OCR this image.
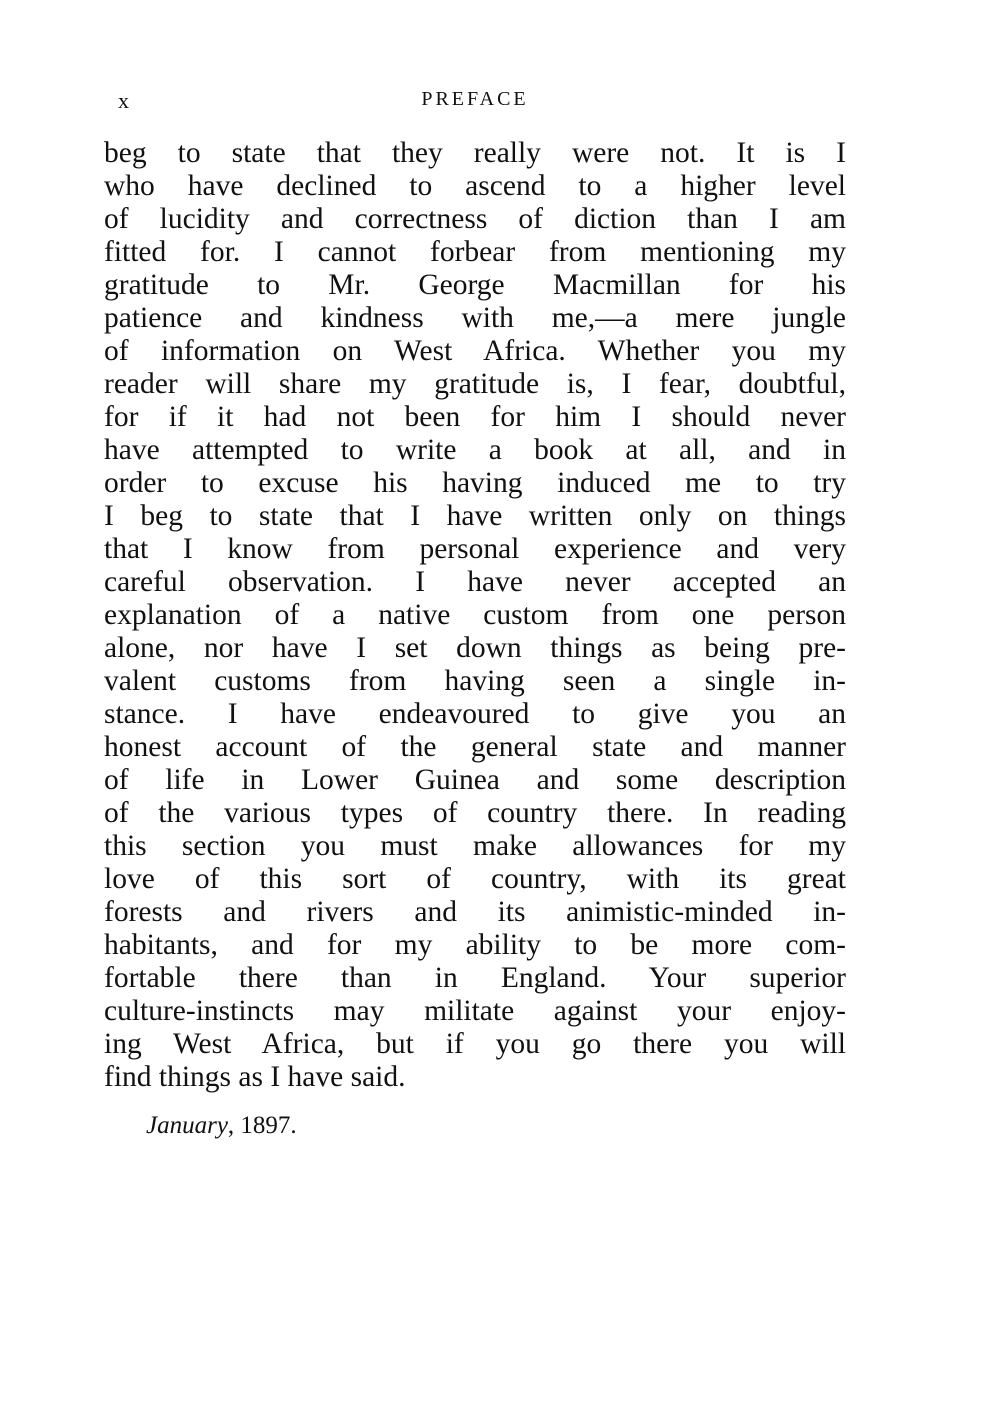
x	PREFACE
beg to state that they really were not. It is I
who have declined to ascend to a higher level
of lucidity and correctness of diction than I am
fitted for. I cannot forbear from mentioning my
gratitude to Mr. George Macmillan for his
patience and kindness with me,—a mere jungle
of information on West Africa. Whether you my
reader will share my gratitude is, I fear, doubtful,
for if it had not been for him I should never
have attempted to write a book at all, and in
order to excuse his having induced me to try
I beg to state that I have written only on things
that I know from personal experience and very
careful observation. I have never accepted an
explanation of a native custom from one person
alone, nor have I set down things as being pre-
valent customs from having seen a single in-
stance. I have endeavoured to give you an
honest account of the general state and manner
of life in Lower Guinea and some description
of the various types of country there. In reading
this section you must make allowances for my
love of this sort of country, with its great
forests and rivers and its animistic-minded in-
habitants, and for my ability to be more com-
fortable there than in England. Your superior
culture-instincts may militate against your enjoy-
ing West Africa, but if you go there you will
find things as I have said.
January, 1897.
